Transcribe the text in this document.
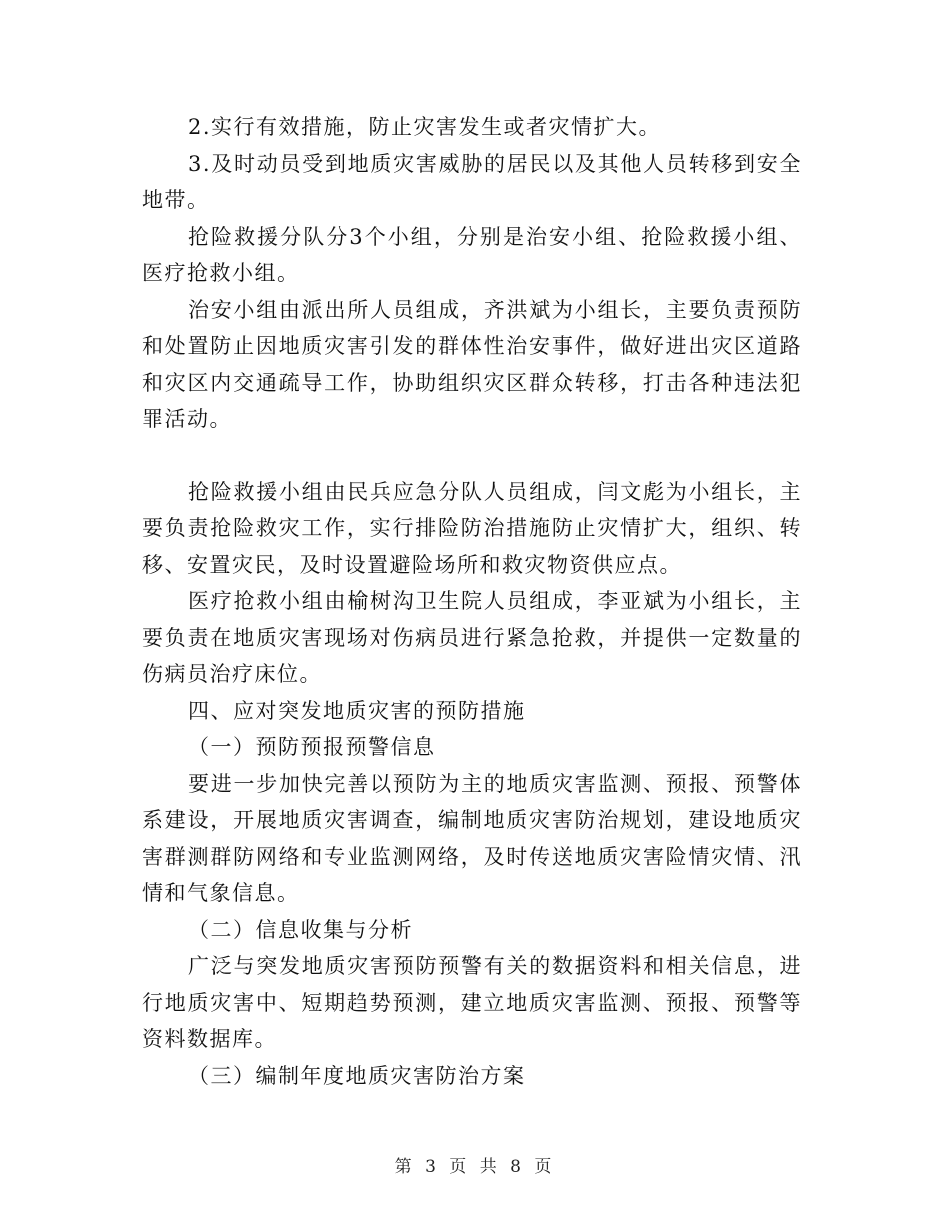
2.实行有效措施，防止灾害发生或者灾情扩大。

3.及时动员受到地质灾害威胁的居民以及其他人员转移到安全地带。

抢险救援分队分3个小组，分别是治安小组、抢险救援小组、医疗抢救小组。

治安小组由派出所人员组成，齐洪斌为小组长，主要负责预防和处置防止因地质灾害引发的群体性治安事件，做好进出灾区道路和灾区内交通疏导工作，协助组织灾区群众转移，打击各种违法犯罪活动。

抢险救援小组由民兵应急分队人员组成，闫文彪为小组长，主要负责抢险救灾工作，实行排险防治措施防止灾情扩大，组织、转移、安置灾民，及时设置避险场所和救灾物资供应点。

医疗抢救小组由榆树沟卫生院人员组成，李亚斌为小组长，主要负责在地质灾害现场对伤病员进行紧急抢救，并提供一定数量的伤病员治疗床位。

四、应对突发地质灾害的预防措施

（一）预防预报预警信息

要进一步加快完善以预防为主的地质灾害监测、预报、预警体系建设，开展地质灾害调查，编制地质灾害防治规划，建设地质灾害群测群防网络和专业监测网络，及时传送地质灾害险情灾情、汛情和气象信息。

（二）信息收集与分析

广泛与突发地质灾害预防预警有关的数据资料和相关信息，进行地质灾害中、短期趋势预测，建立地质灾害监测、预报、预警等资料数据库。

（三）编制年度地质灾害防治方案

第 3 页 共 8 页
